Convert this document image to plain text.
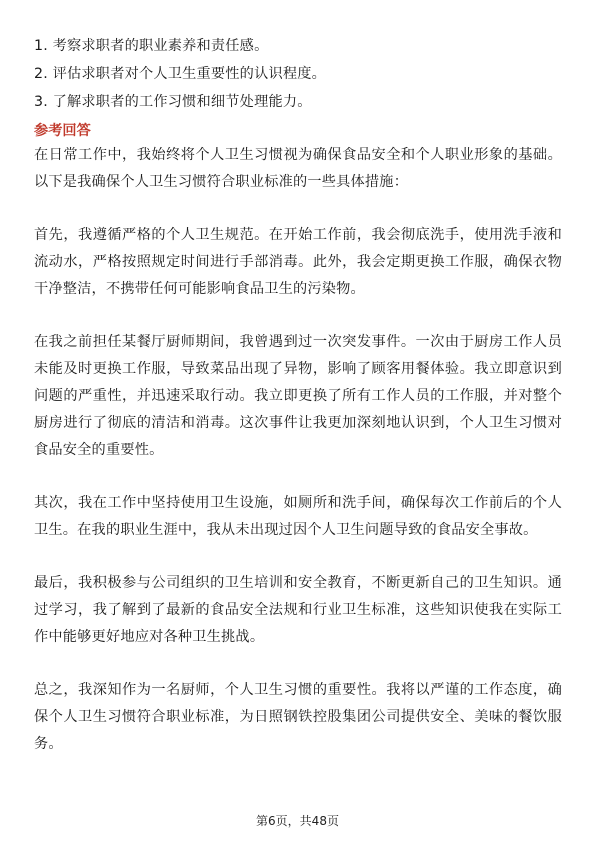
1. 考察求职者的职业素养和责任感。
2. 评估求职者对个人卫生重要性的认识程度。
3. 了解求职者的工作习惯和细节处理能力。
参考回答

在日常工作中，我始终将个人卫生习惯视为确保食品安全和个人职业形象的基础。以下是我确保个人卫生习惯符合职业标准的一些具体措施：

首先，我遵循严格的个人卫生规范。在开始工作前，我会彻底洗手，使用洗手液和流动水，严格按照规定时间进行手部消毒。此外，我会定期更换工作服，确保衣物干净整洁，不携带任何可能影响食品卫生的污染物。

在我之前担任某餐厅厨师期间，我曾遇到过一次突发事件。一次由于厨房工作人员未能及时更换工作服，导致菜品出现了异物，影响了顾客用餐体验。我立即意识到问题的严重性，并迅速采取行动。我立即更换了所有工作人员的工作服，并对整个厨房进行了彻底的清洁和消毒。这次事件让我更加深刻地认识到，个人卫生习惯对食品安全的重要性。

其次，我在工作中坚持使用卫生设施，如厕所和洗手间，确保每次工作前后的个人卫生。在我的职业生涯中，我从未出现过因个人卫生问题导致的食品安全事故。

最后，我积极参与公司组织的卫生培训和安全教育，不断更新自己的卫生知识。通过学习，我了解到了最新的食品安全法规和行业卫生标准，这些知识使我在实际工作中能够更好地应对各种卫生挑战。

总之，我深知作为一名厨师，个人卫生习惯的重要性。我将以严谨的工作态度，确保个人卫生习惯符合职业标准，为日照钢铁控股集团公司提供安全、美味的餐饮服务。

第6页，共48页
